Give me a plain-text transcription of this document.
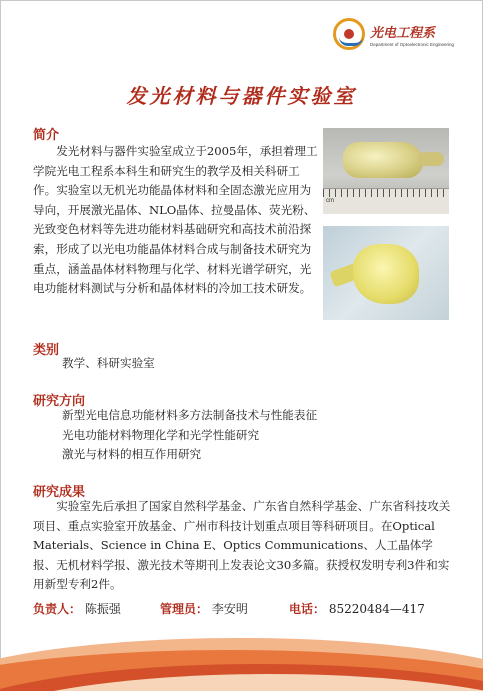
光电工程系
Department of Optoelectronic Engineering
发光材料与器件实验室
简介
发光材料与器件实验室成立于2005年，承担着理工学院光电工程系本科生和研究生的教学及相关科研工作。实验室以无机光功能晶体材料和全固态激光应用为导向，开展激光晶体、NLO晶体、拉曼晶体、荧光粉、光致变色材料等先进功能材料基础研究和高技术前沿探索，形成了以光电功能晶体材料合成与制备技术研究为重点，涵盖晶体材料物理与化学、材料光谱学研究，光电功能材料测试与分析和晶体材料的冷加工技术研发。
cm
类别
教学、科研实验室
研究方向
新型光电信息功能材料多方法制备技术与性能表征
光电功能材料物理化学和光学性能研究
激光与材料的相互作用研究
研究成果
实验室先后承担了国家自然科学基金、广东省自然科学基金、广东省科技攻关项目、重点实验室开放基金、广州市科技计划重点项目等科研项目。在Optical Materials、Science in China E、Optics Communications、人工晶体学报、无机材料学报、激光技术等期刊上发表论文30多篇。获授权发明专利3件和实用新型专利2件。
负责人： 陈振强	管理员： 李安明	电话： 85220484—417
